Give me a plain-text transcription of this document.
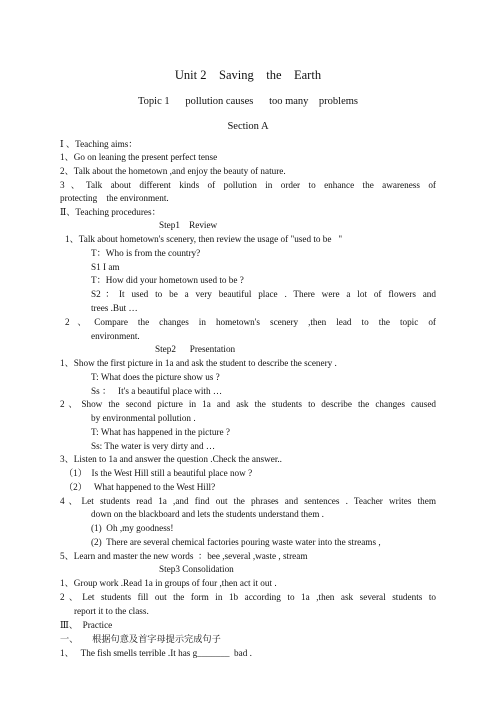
Unit 2    Saving    the    Earth
Topic 1      pollution causes      too many    problems
Section A
Ⅰ 、Teaching aims：
1、Go on leaning the present perfect tense
2、Talk about the hometown ,and enjoy the beauty of nature.
3、Talk about different kinds of pollution in order to enhance the awareness of
protecting    the environment.
Ⅱ、Teaching procedures：
Step1    Review
1、Talk about hometown's scenery, then review the usage of "used to be   "
T：Who is from the country?
S1 I am
T：How did your hometown used to be ?
S2：It used to be a very beautiful place . There were a lot of flowers and
trees .But …
2、Compare the changes in hometown's scenery ,then lead to the topic of
environment.
Step2      Presentation
1、Show the first picture in 1a and ask the student to describe the scenery .
T: What does the picture show us ?
Ss ：   It's a beautiful place with …
2、Show the second picture in 1a and ask the students to describe the changes caused
by environmental pollution .
T: What has happened in the picture ?
Ss: The water is very dirty and …
3、Listen to 1a and answer the question .Check the answer..
（1）  Is the West Hill still a beautiful place now ?
（2）   What happened to the West Hill?
4、Let students read 1a ,and find out the phrases and sentences . Teacher writes them
down on the blackboard and lets the students understand them .
(1)  Oh ,my goodness!
(2)  There are several chemical factories pouring waste water into the streams ,
5、Learn and master the new words  ：bee ,several ,waste , stream
Step3 Consolidation
1、Group work .Read 1a in groups of four ,then act it out .
2、Let students fill out the form in 1b according to 1a ,then ask several students to
report it to the class.
Ⅲ、  Practice
一、      根据句意及首字母提示完成句子
1、   The fish smells terrible .It has g_______  bad .
